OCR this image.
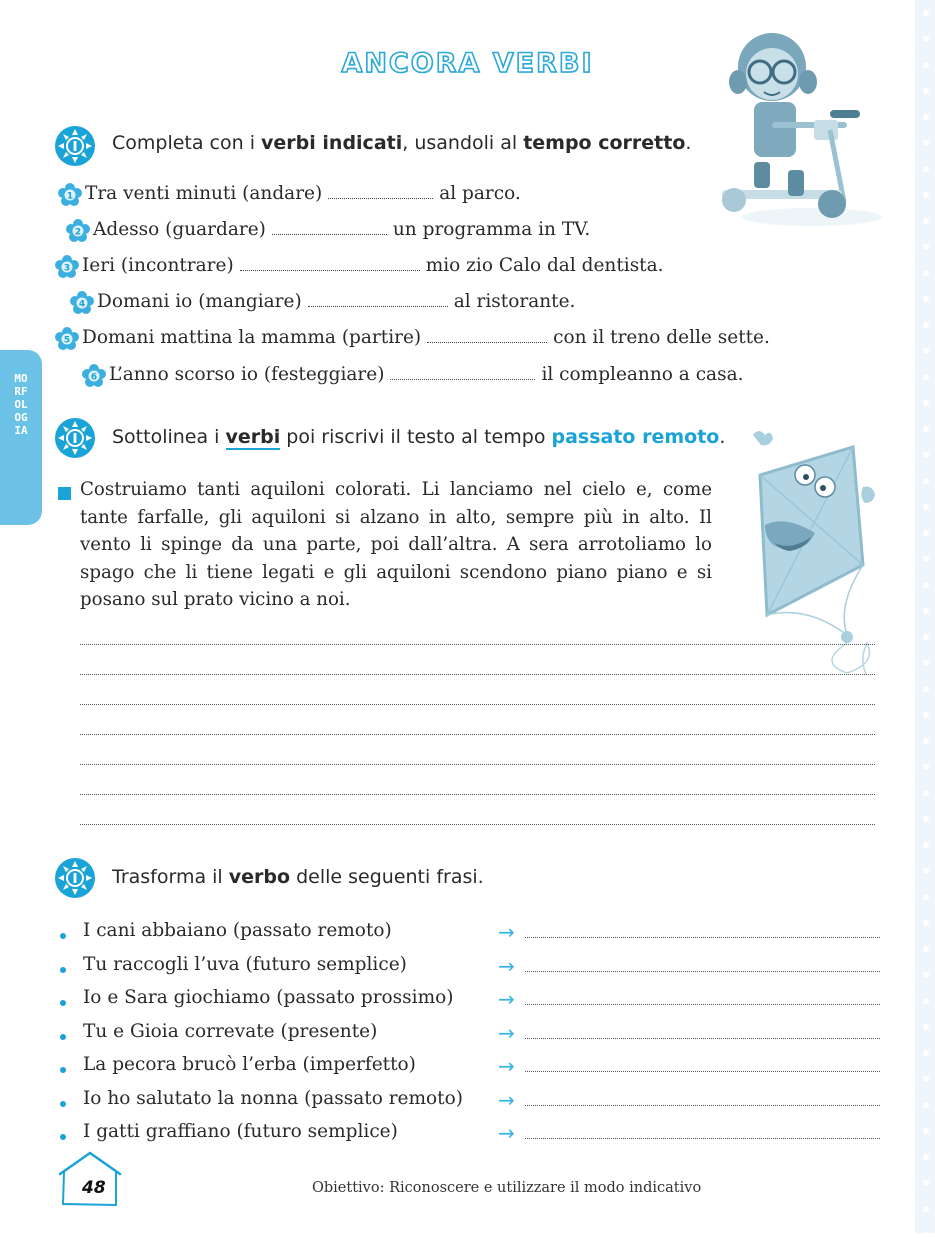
ANCORA VERBI
MORFOLOGIA
Completa con i verbi indicati, usandoli al tempo corretto.
1 Tra venti minuti (andare)	al parco.
2 Adesso (guardare)	un programma in TV.
3 Ieri (incontrare)	mio zio Calo dal dentista.
4 Domani io (mangiare)	al ristorante.
5 Domani mattina la mamma (partire)	con il treno delle sette.
6 L’anno scorso io (festeggiare)	il compleanno a casa.
Sottolinea i verbi poi riscrivi il testo al tempo passato remoto.
Costruiamo tanti aquiloni colorati. Li lanciamo nel cielo e, come tante farfalle, gli aquiloni si alzano in alto, sempre più in alto. Il vento li spinge da una parte, poi dall’altra. A sera arrotoliamo lo spago che li tiene legati e gli aquiloni scendono piano piano e si posano sul prato vicino a noi.
Trasforma il verbo delle seguenti frasi.
I cani abbaiano (passato remoto)	→
Tu raccogli l’uva (futuro semplice)	→
Io e Sara giochiamo (passato prossimo) →
Tu e Gioia correvate (presente)	→
La pecora brucò l’erba (imperfetto)	→
Io ho salutato la nonna (passato remoto) →
I gatti graffiano (futuro semplice)	→
48	Obiettivo: Riconoscere e utilizzare il modo indicativo
